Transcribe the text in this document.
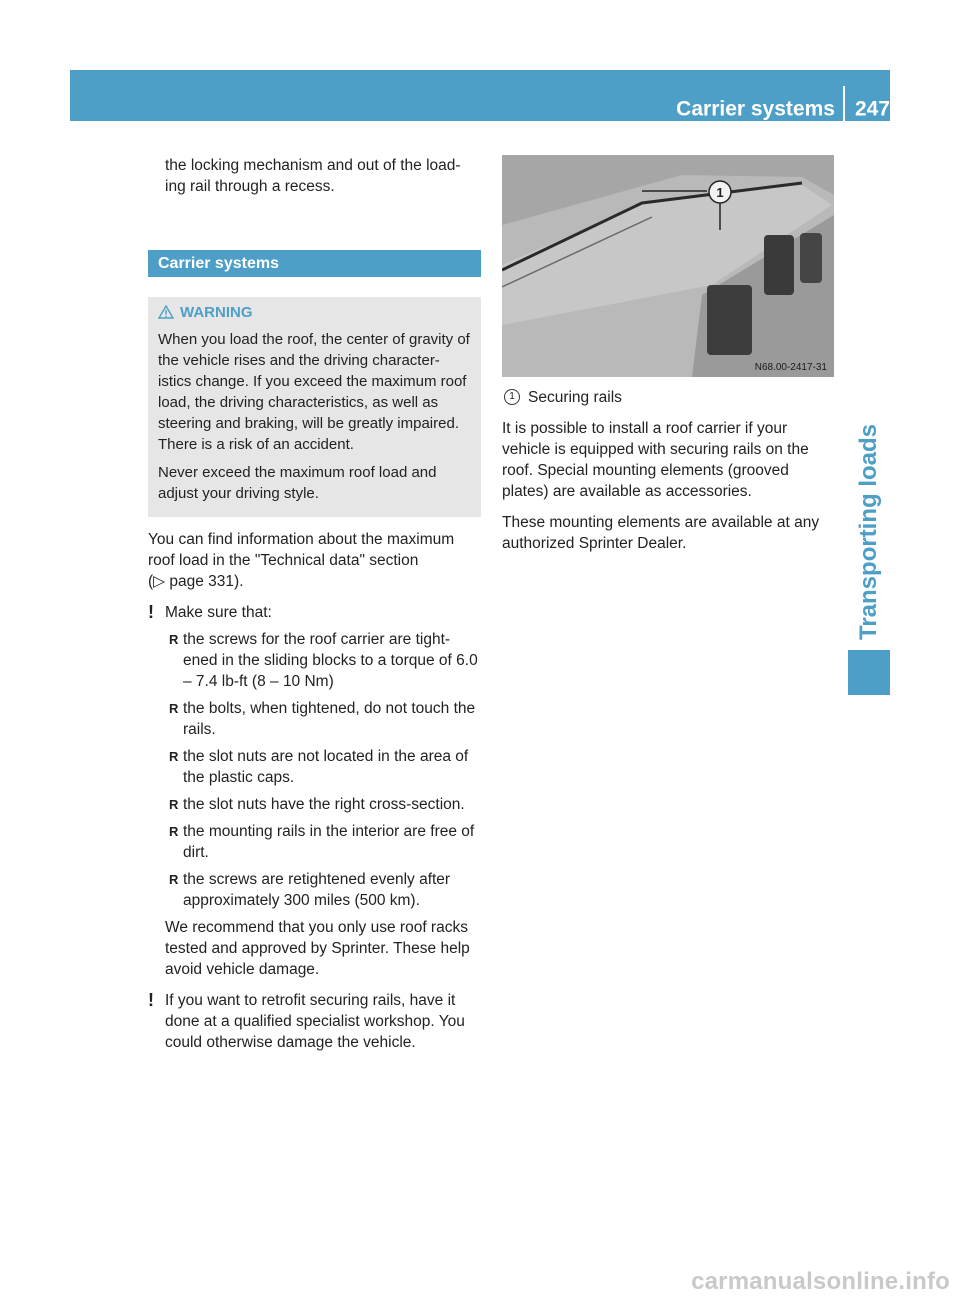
Carrier systems 247
Transporting loads
the locking mechanism and out of the load-
ing rail through a recess.
Carrier systems
WARNING

When you load the roof, the center of gravity of the vehicle rises and the driving character- istics change. If you exceed the maximum roof load, the driving characteristics, as well as steering and braking, will be greatly impaired. There is a risk of an accident.

Never exceed the maximum roof load and adjust your driving style.

You can find information about the maximum roof load in the "Technical data" section
(▷ page 331).

! Make sure that:
R the screws for the roof carrier are tight- ened in the sliding blocks to a torque of 6.0 – 7.4 lb-ft (8 – 10 Nm)
R the bolts, when tightened, do not touch the rails.
R the slot nuts are not located in the area of the plastic caps.
R the slot nuts have the right cross-section.
R the mounting rails in the interior are free of dirt.
R the screws are retightened evenly after approximately 300 miles (500 km).
We recommend that you only use roof racks tested and approved by Sprinter. These help avoid vehicle damage.
! If you want to retrofit securing rails, have it done at a qualified specialist workshop. You could otherwise damage the vehicle.
1
N68.00-2417-31
1 Securing rails

It is possible to install a roof carrier if your vehicle is equipped with securing rails on the roof. Special mounting elements (grooved plates) are available as accessories.

These mounting elements are available at any authorized Sprinter Dealer.

carmanualsonline.info
